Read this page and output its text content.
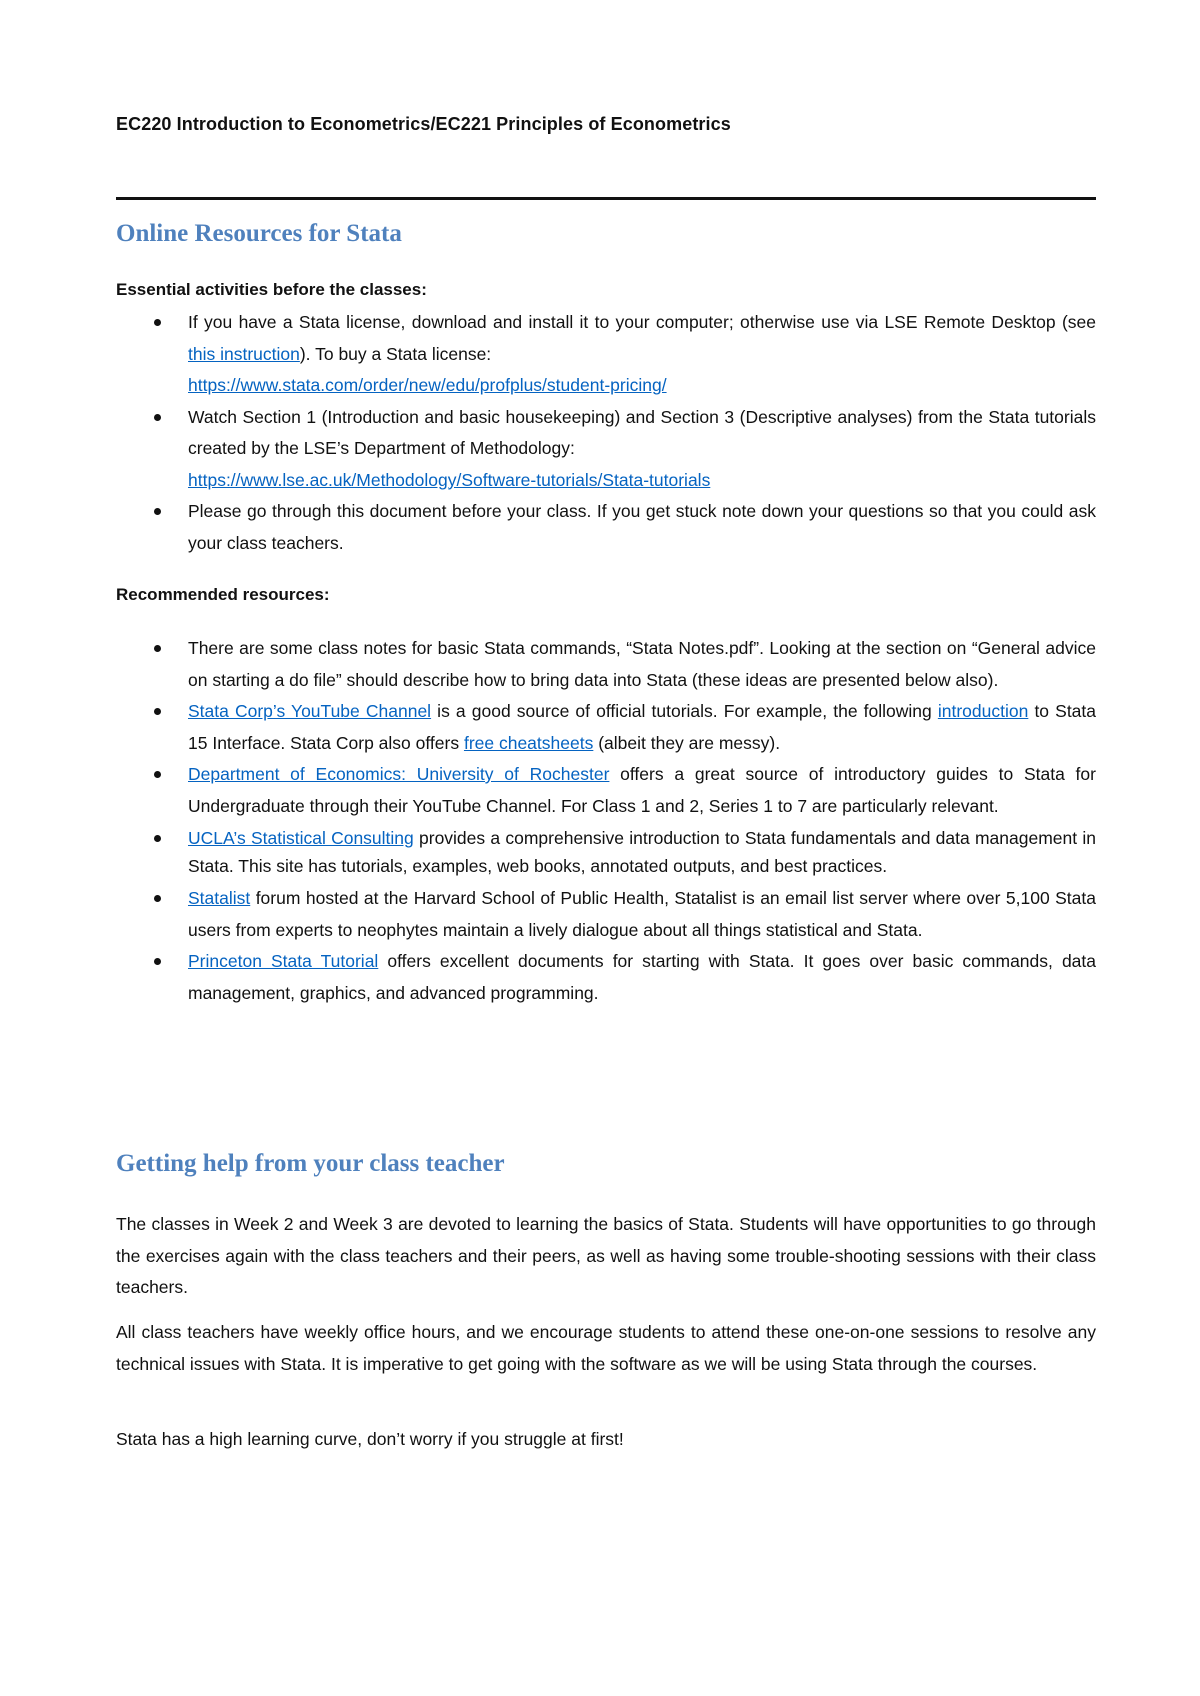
EC220 Introduction to Econometrics/EC221 Principles of Econometrics
Online Resources for Stata
Essential activities before the classes:
If you have a Stata license, download and install it to your computer; otherwise use via LSE Remote Desktop (see this instruction). To buy a Stata license:
https://www.stata.com/order/new/edu/profplus/student-pricing/
Watch Section 1 (Introduction and basic housekeeping) and Section 3 (Descriptive analyses) from the Stata tutorials created by the LSE’s Department of Methodology:
https://www.lse.ac.uk/Methodology/Software-tutorials/Stata-tutorials
Please go through this document before your class. If you get stuck note down your questions so that you could ask your class teachers.
Recommended resources:
There are some class notes for basic Stata commands, “Stata Notes.pdf”. Looking at the section on “General advice on starting a do file” should describe how to bring data into Stata (these ideas are presented below also).
Stata Corp’s YouTube Channel is a good source of official tutorials. For example, the following introduction to Stata 15 Interface. Stata Corp also offers free cheatsheets (albeit they are messy).
Department of Economics: University of Rochester offers a great source of introductory guides to Stata for Undergraduate through their YouTube Channel. For Class 1 and 2, Series 1 to 7 are particularly relevant.
UCLA’s Statistical Consulting provides a comprehensive introduction to Stata fundamentals and data management in Stata. This site has tutorials, examples, web books, annotated outputs, and best practices.
Statalist forum hosted at the Harvard School of Public Health, Statalist is an email list server where over 5,100 Stata users from experts to neophytes maintain a lively dialogue about all things statistical and Stata.
Princeton Stata Tutorial offers excellent documents for starting with Stata. It goes over basic commands, data management, graphics, and advanced programming.
Getting help from your class teacher

The classes in Week 2 and Week 3 are devoted to learning the basics of Stata. Students will have opportunities to go through the exercises again with the class teachers and their peers, as well as having some trouble-shooting sessions with their class teachers.

All class teachers have weekly office hours, and we encourage students to attend these one-on-one sessions to resolve any technical issues with Stata. It is imperative to get going with the software as we will be using Stata through the courses.

Stata has a high learning curve, don’t worry if you struggle at first!
